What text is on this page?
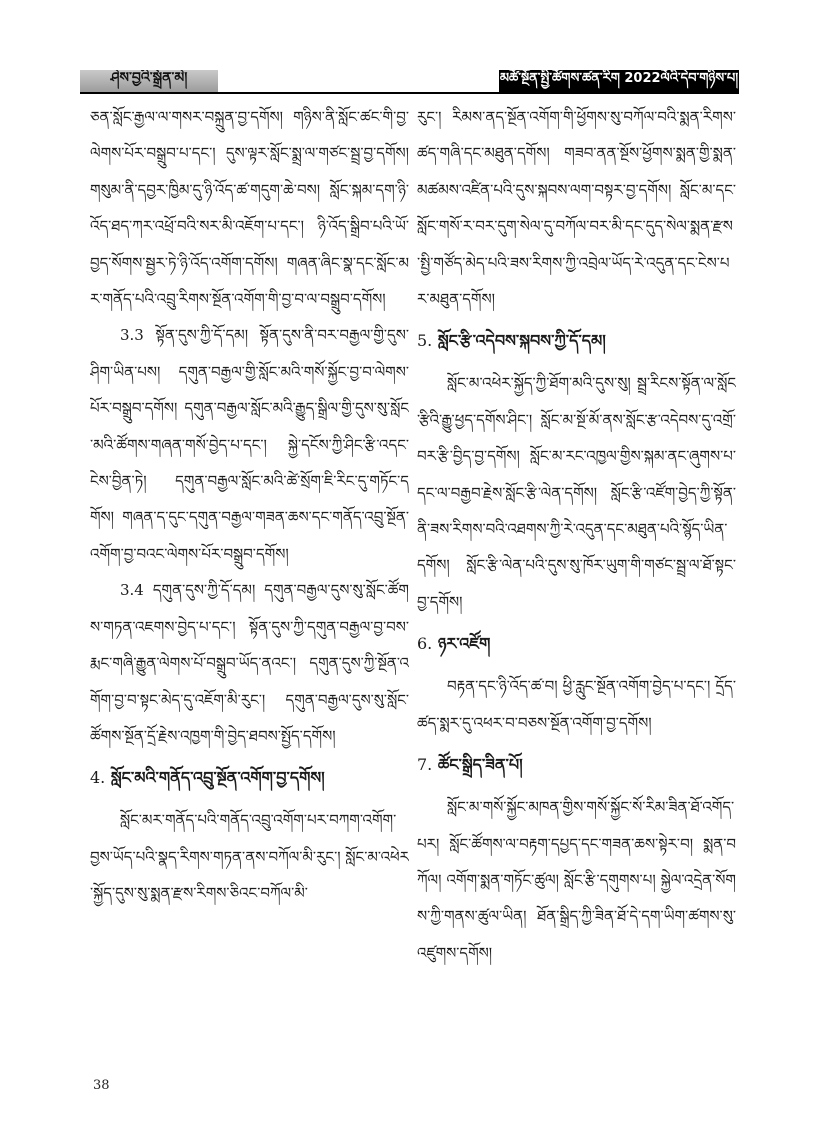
ཤེས་བྱའི་སྒྲོན་མེ།	མཚོ་སྔོན་སྤྱི་ཚོགས་ཚན་རིག 2022ལོའི་དེབ་གཉིས་པ།

ཅན་སློང་རྒྱལ་ལ་གསར་བསྐྲུན་བྱ་དགོས། གཉིས་ནི་སློང་ཚང་གི་བྱ་ལེགས་པོར་བསྒྲུབ་པ་དང་། དུས་ལྟར་སློང་སྨྲ་ལ་གཙང་སྦྲ་བྱ་དགོས། གསུམ་ནི་དབྱར་ཁྱིམ་དུ་ཉི་འོད་ཚ་གདུག་ཆེ་བས། སློང་སྐམ་དག་ཉི་འོད་ཐད་ཀར་འཕྲོ་བའི་སར་མི་འཇོག་པ་དང་། ཉི་འོད་སྒྲིབ་པའི་ཡོ་བྱད་སོགས་སྦྱར་ཏེ་ཉི་འོད་འགོག་དགོས། གཞན་ཞིང་སྣ་དང་སློང་མར་གནོད་པའི་འབྲུ་རིགས་སྔོན་འགོག་གི་བྱ་བ་ལ་བསྒྲུབ་དགོས།

3.3 སྟོན་དུས་ཀྱི་དོ་དམ། སྟོན་དུས་ནི་བར་བརྒྱལ་གྱི་དུས་ཤིག་ཡིན་པས། དགུན་བརྒྱལ་གྱི་སློང་མའི་གསོ་སྐྱོང་བྱ་བ་ལེགས་པོར་བསྒྲུབ་དགོས། དགུན་བརྒྱལ་སློང་མའི་རྒྱུད་སྒྲིལ་གྱི་དུས་སུ་སློང་མའི་ཚོགས་གཞན་གསོ་བྱེད་པ་དང་། སྐྱེ་དངོས་ཀྱི་ཤིང་རྩི་འདང་ངེས་བྱིན་ཏེ། དགུན་བརྒྱལ་སློང་མའི་ཚེ་སྲོག་ཇི་རིང་དུ་གཏོང་དགོས། གཞན་ད་དུང་དགུན་བརྒྱལ་གཟན་ཆས་དང་གནོད་འབྲུ་སྔོན་འགོག་བྱ་བའང་ལེགས་པོར་བསྒྲུབ་དགོས།

3.4 དགུན་དུས་ཀྱི་དོ་དམ། དགུན་བརྒྱལ་དུས་སུ་སློང་ཚོགས་གཏན་འཇགས་བྱེད་པ་དང་། སྟོན་དུས་ཀྱི་དགུན་བརྒྱལ་བྱ་བས་རྨང་གཞི་རྒྱུན་ལེགས་པོ་བསྒྲུབ་ཡོད་ནའང་། དགུན་དུས་ཀྱི་སྔོན་འགོག་བྱ་བ་སྟང་མེད་དུ་འཇོག་མི་རུང་། དགུན་བརྒྱལ་དུས་སུ་སློང་ཚོགས་སྔོན་དྲོ་རྗེས་འཁྱག་གི་བྱེད་ཐབས་སྤྱོད་དགོས།

4. སློང་མའི་གནོད་འབྲུ་སྔོན་འགོག་བྱ་དགོས།

སློང་མར་གནོད་པའི་གནོད་འབྲུ་འགོག་པར་བཀག་འགོག་བྱས་ཡོད་པའི་སྣད་རིགས་གཏན་ནས་བཀོལ་མི་རུང་། སློང་མ་འཕེར་སྐྱོད་དུས་སུ་སྨན་རྫས་རིགས་ཅིའང་བཀོལ་མི་

རུང་། རིམས་ནད་སྔོན་འགོག་གི་ཕྱོགས་སུ་བཀོལ་བའི་སྨན་རིགས་ཚད་གཞི་དང་མཐུན་དགོས། གཟབ་ནན་སྔོས་ཕྱོགས་སྨན་གྱི་སྨན་མཚམས་འཛིན་པའི་དུས་སྐབས་ལག་བསྟར་བྱ་དགོས། སློང་མ་དང་སློང་གསོ་ར་བར་དུག་སེལ་དུ་བཀོལ་བར་མི་དང་དུད་སེལ་སྨན་རྫས་སྤྱི་གཙོད་མེད་པའི་ཟས་རིགས་ཀྱི་འབྲེལ་ཡོད་རེ་འདུན་དང་ངེས་པར་མཐུན་དགོས།

5. སློང་རྩི་འདེབས་སྐབས་ཀྱི་དོ་དམ།

སློང་མ་འཕེར་སྐྱོད་ཀྱི་ཐོག་མའི་དུས་སུ། སྦྲ་རིངས་སྟོན་ལ་སློང་རྩིའི་རྒྱུ་ཕྱད་དགོས་ཤིང་། སློང་མ་སྔོ་མོ་ནས་སློང་རྩ་འདེབས་དུ་འགྲོ་བར་རྩི་བྱིད་བྱ་དགོས། སློང་མ་རང་འཁྱལ་གྱིས་སྐམ་ནང་ཞུགས་པ་དང་ལ་བརྒྱབ་རྗེས་སློང་རྩི་ལེན་དགོས། སློང་རྩི་འཛོག་བྱེད་ཀྱི་སྟོན་ནི་ཟས་རིགས་བའི་འཐགས་ཀྱི་རེ་འདུན་དང་མཐུན་པའི་སྙོད་ཡིན་དགོས། སློང་རྩི་ལེན་པའི་དུས་སུ་ཁོར་ཡུག་གི་གཙང་སྦྲ་ལ་ཐོ་སྟང་བྱ་དགོས།

6. ཉར་འཛོག

བརྟན་དང་ཉི་འོད་ཚ་བ། ཕྱི་རླུང་སྔོན་འགོག་བྱེད་པ་དང་། དྲོད་ཚད་སྨར་དུ་འཕར་བ་བཅས་སྔོན་འགོག་བྱ་དགོས།

7. ཚོང་སྒྲིད་ཟིན་པོ།

སློང་མ་གསོ་སྐྱོང་མཁན་གྱིས་གསོ་སྐྱོང་སོ་རིམ་ཟིན་ཐོ་འགོད་པར། སློང་ཚོགས་ལ་བརྟག་དཔྱད་དང་གཟན་ཆས་སྟེར་བ། སྨན་བཀོལ། འགོག་སྨན་གཏོང་ཚུལ། སློང་རྩི་དགུགས་པ། སྐྱེལ་འདྲེན་སོགས་ཀྱི་གནས་ཚུལ་ཡིན། ཐོན་སྒྲིད་ཀྱི་ཟིན་ཐོ་དེ་དག་ཡིག་ཚགས་སུ་འཛུགས་དགོས།

38
